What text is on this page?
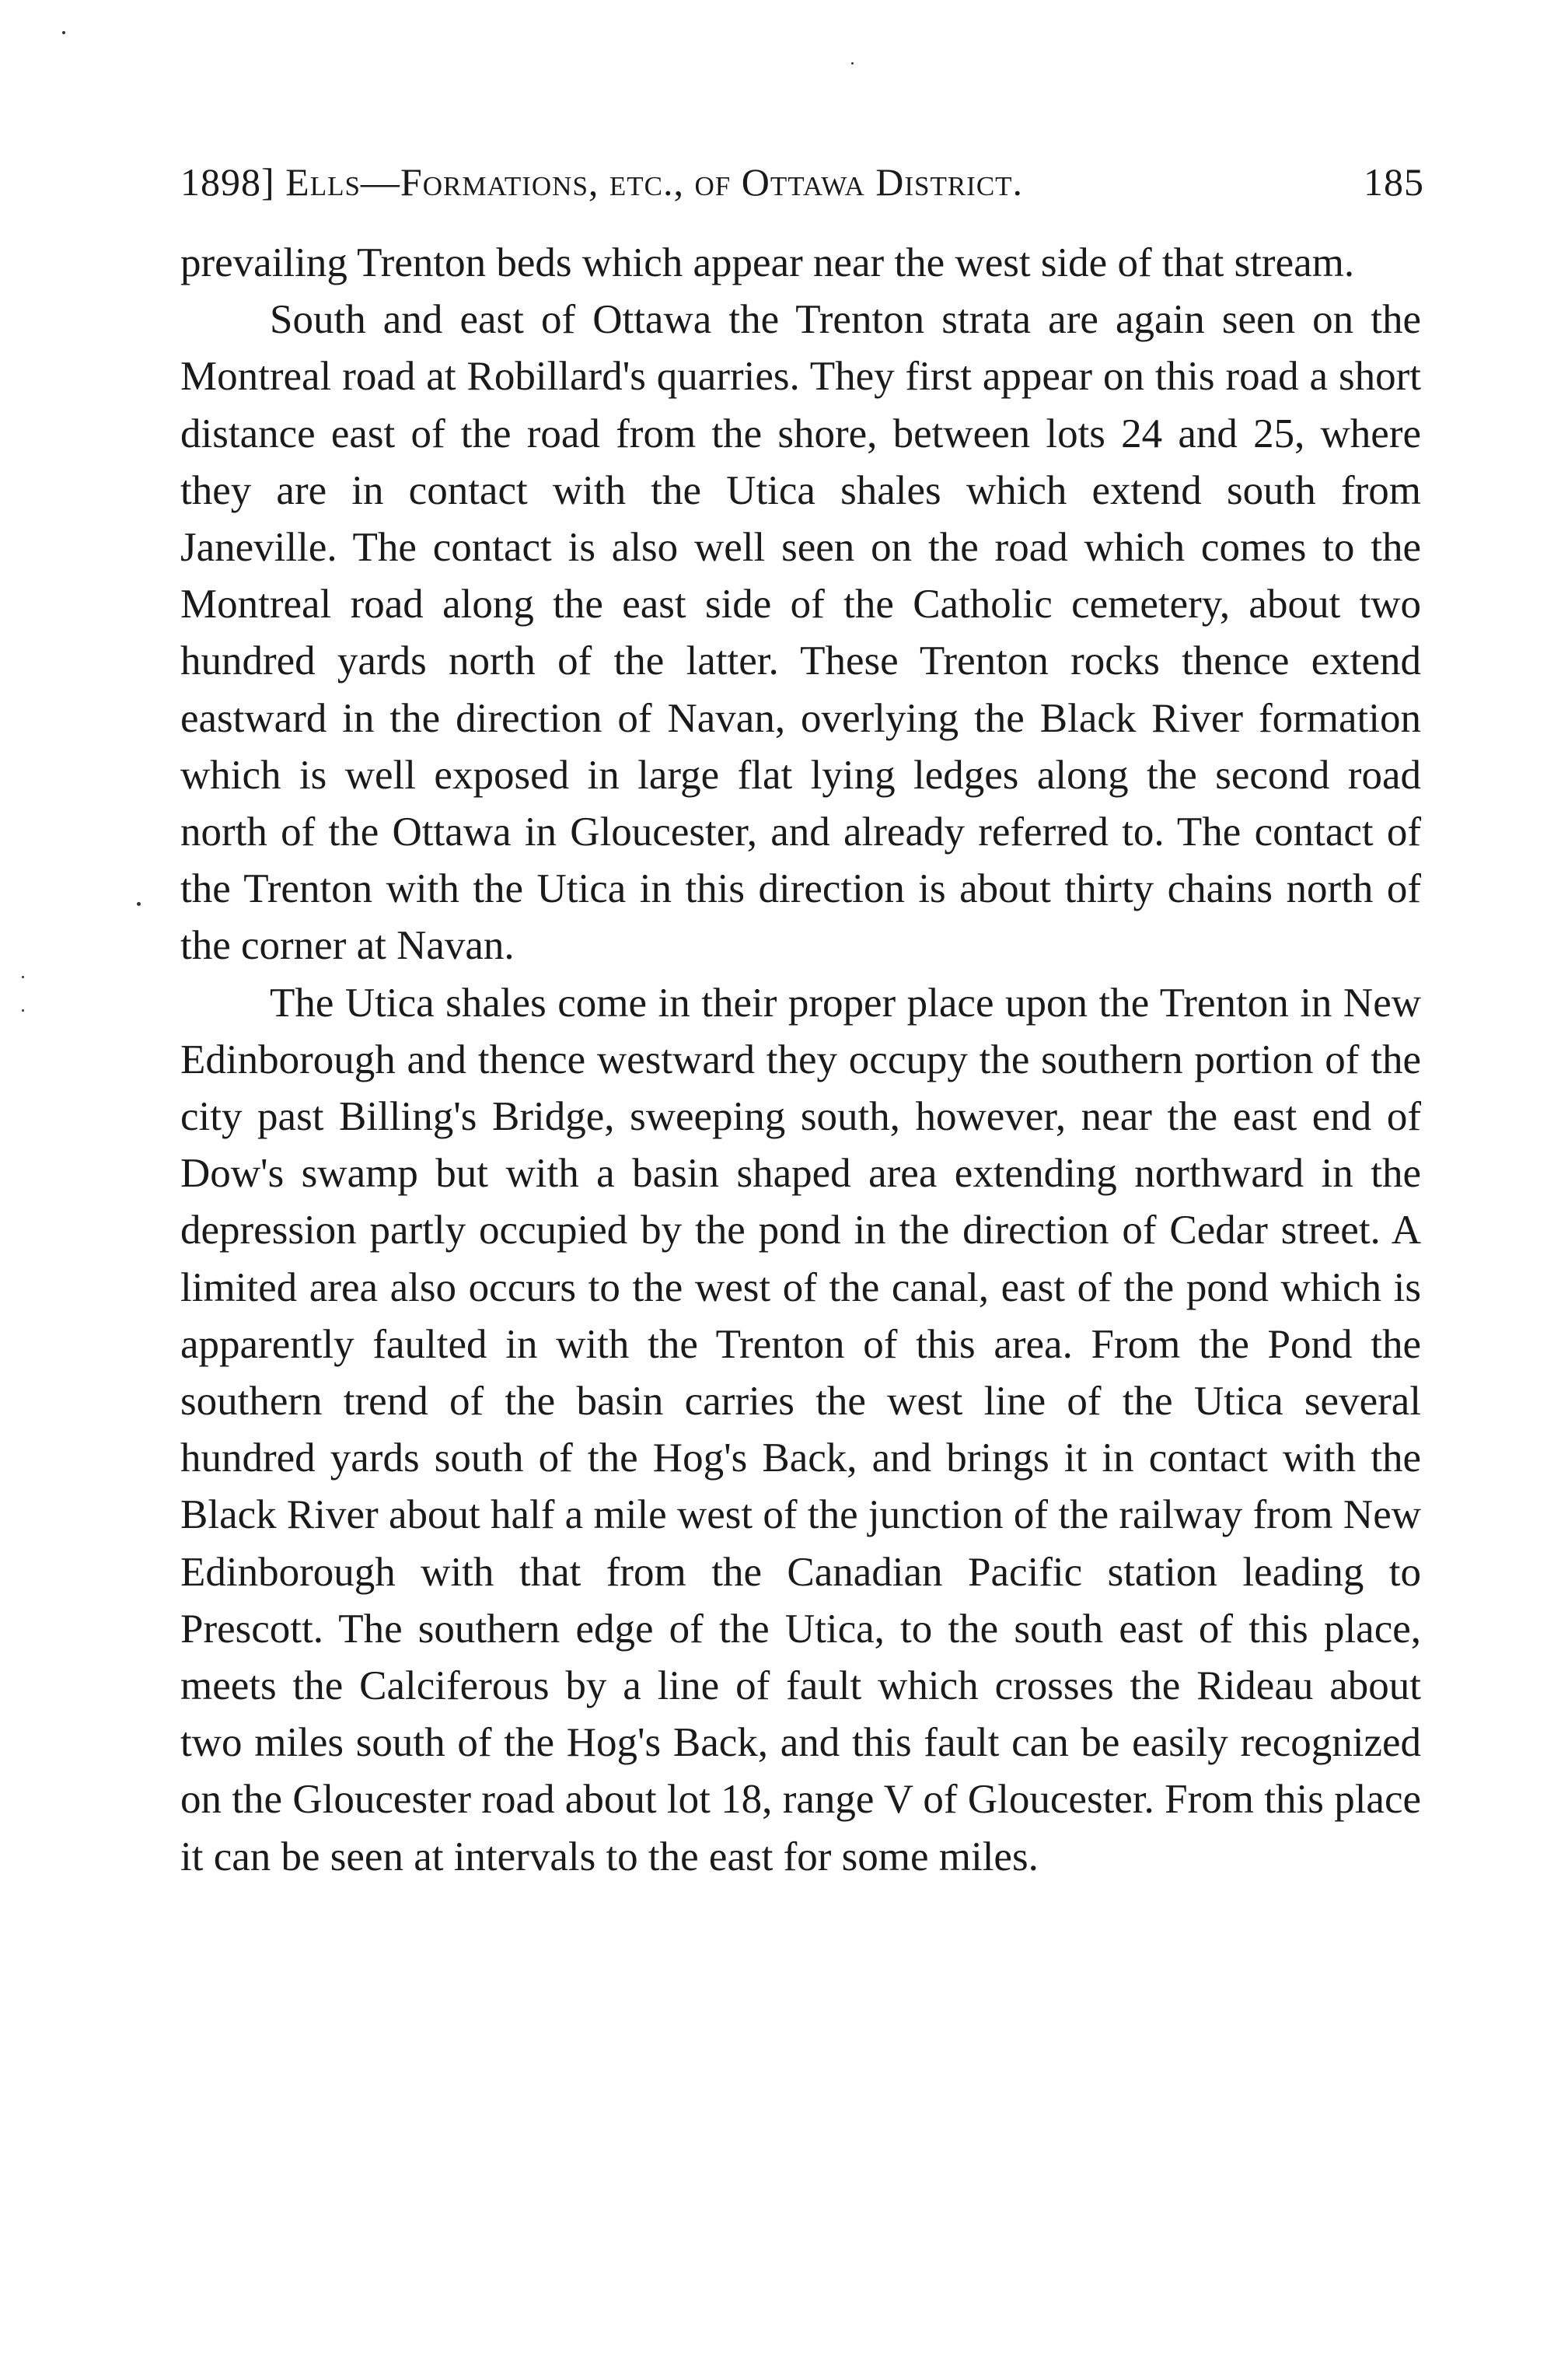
1898] Ells—Formations, etc., of Ottawa District.	185

prevailing Trenton beds which appear near the west side of that stream.

South and east of Ottawa the Trenton strata are again seen on the Montreal road at Robillard's quarries. They first appear on this road a short distance east of the road from the shore, between lots 24 and 25, where they are in contact with the Utica shales which extend south from Janeville. The contact is also well seen on the road which comes to the Montreal road along the east side of the Catholic cemetery, about two hundred yards north of the latter. These Trenton rocks thence extend eastward in the direction of Navan, overlying the Black River formation which is well exposed in large flat lying ledges along the second road north of the Ottawa in Gloucester, and already referred to. The contact of the Trenton with the Utica in this direction is about thirty chains north of the corner at Navan.

The Utica shales come in their proper place upon the Trenton in New Edinborough and thence westward they occupy the southern portion of the city past Billing's Bridge, sweeping south, however, near the east end of Dow's swamp but with a basin shaped area extending northward in the depression partly occupied by the pond in the direction of Cedar street. A limited area also occurs to the west of the canal, east of the pond which is apparently faulted in with the Trenton of this area. From the Pond the southern trend of the basin carries the west line of the Utica several hundred yards south of the Hog's Back, and brings it in contact with the Black River about half a mile west of the junction of the railway from New Edinborough with that from the Canadian Pacific station leading to Prescott. The southern edge of the Utica, to the south east of this place, meets the Calciferous by a line of fault which crosses the Rideau about two miles south of the Hog's Back, and this fault can be easily recognized on the Gloucester road about lot 18, range V of Gloucester. From this place it can be seen at intervals to the east for some miles.
